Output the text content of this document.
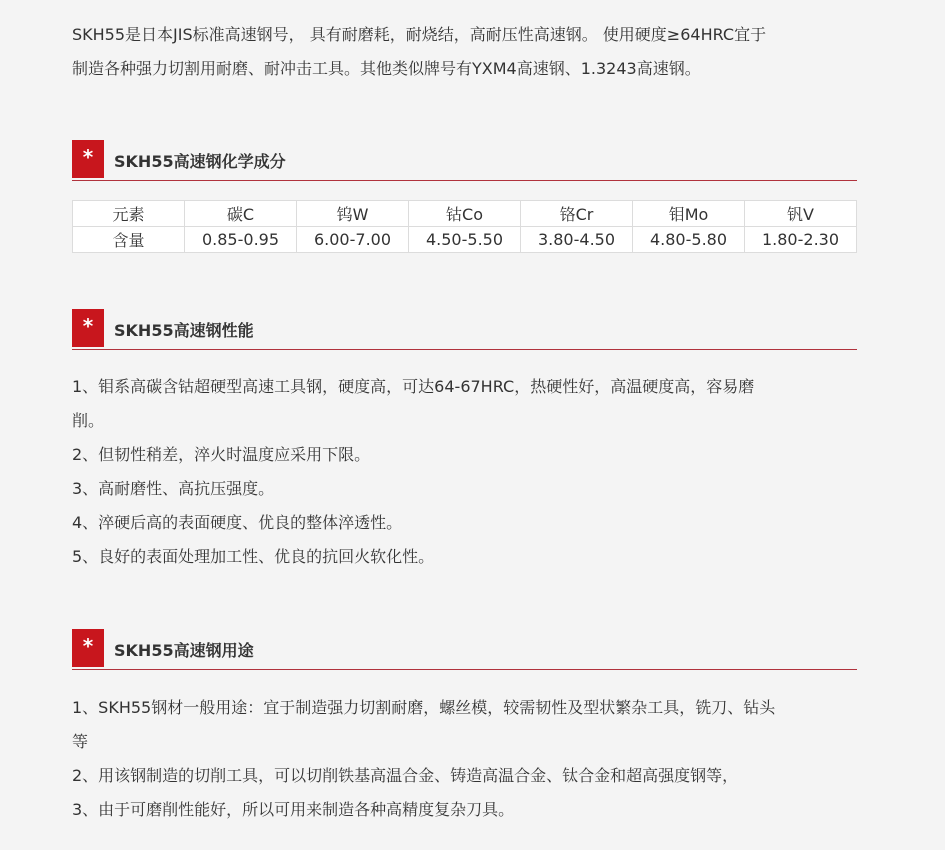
SKH55是日本JIS标准高速钢号， 具有耐磨耗，耐烧结，高耐压性高速钢。 使用硬度≥64HRC宜于

制造各种强力切割用耐磨、耐冲击工具。其他类似牌号有YXM4高速钢、1.3243高速钢。

*	SKH55高速钢化学成分
元素	碳C	钨W	钴Co	铬Cr	钼Mo	钒V
含量	0.85-0.95	6.00-7.00	4.50-5.50	3.80-4.50	4.80-5.80	1.80-2.30
*	SKH55高速钢性能

1、钼系高碳含钴超硬型高速工具钢，硬度高，可达64-67HRC，热硬性好，高温硬度高，容易磨

削。

2、但韧性稍差，淬火时温度应采用下限。

3、高耐磨性、高抗压强度。

4、淬硬后高的表面硬度、优良的整体淬透性。

5、良好的表面处理加工性、优良的抗回火软化性。

*	SKH55高速钢用途

1、SKH55钢材一般用途：宜于制造强力切割耐磨，螺丝模，较需韧性及型状繁杂工具，铣刀、钻头

等

2、用该钢制造的切削工具，可以切削铁基高温合金、铸造高温合金、钛合金和超高强度钢等，

3、由于可磨削性能好，所以可用来制造各种高精度复杂刀具。
